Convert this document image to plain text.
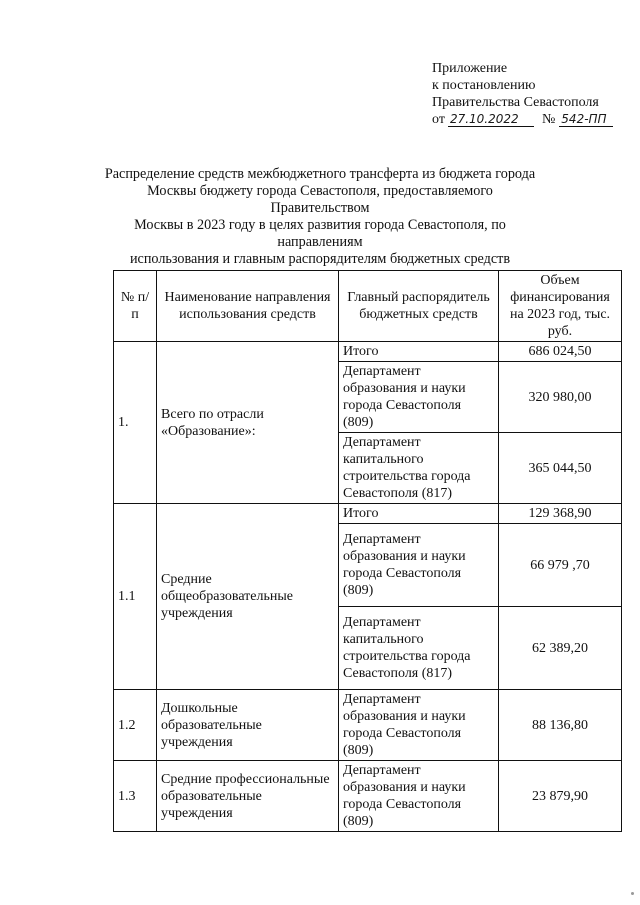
Приложение
к постановлению
Правительства Севастополя
от 27.10.2022	№ 542-ПП
Распределение средств межбюджетного трансферта из бюджета города
Москвы бюджету города Севастополя, предоставляемого Правительством
Москвы в 2023 году в целях развития города Севастополя, по направлениям
использования и главным распорядителям бюджетных средств
№ п/п	Наименование направления использования средств	Главный распорядитель бюджетных средств	Объем финансирования на 2023 год, тыс. руб.
1.	Всего по отрасли «Образование»:	Итого	686 024,50
		Департамент образования и науки города Севастополя (809)	320 980,00
		Департамент капитального строительства города Севастополя (817)	365 044,50
1.1	Средние общеобразовательные учреждения	Итого	129 368,90
		Департамент образования и науки города Севастополя (809)	66 979 ,70
		Департамент капитального строительства города Севастополя (817)	62 389,20
1.2	Дошкольные образовательные учреждения	Департамент образования и науки города Севастополя (809)	88 136,80
1.3	Средние профессиональные образовательные учреждения	Департамент образования и науки города Севастополя (809)	23 879,90
